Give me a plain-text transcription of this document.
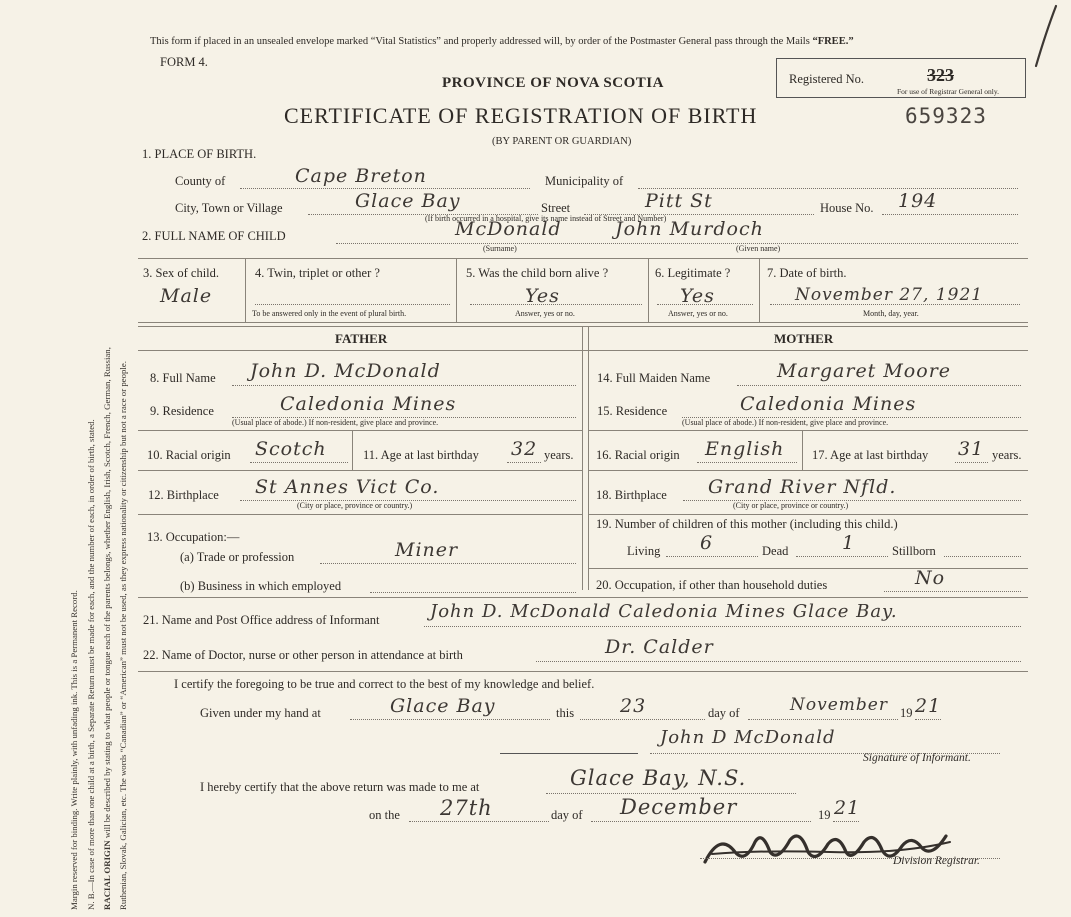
Margin reserved for binding. Write plainly, with unfading ink. This is a Permanent Record. N. B.—In case of more than one child at a birth, a Separate Return must be made for each, and the number of each, in order of birth, stated. RACIAL ORIGIN will be described by stating to what people or tongue each of the parents belongs, whether English, Irish, Scotch, French, German, Russian, Ruthenian, Slovak, Galician, etc. The words “Canadian” or “American” must not be used, as they express nationality or citizenship but not a race or people.
This form if placed in an unsealed envelope marked “Vital Statistics” and properly addressed will, by order of the Postmaster General pass through the Mails “FREE.”
FORM 4.
PROVINCE OF NOVA SCOTIA	Registered No.	323
For use of Registrar General only.
CERTIFICATE OF REGISTRATION OF BIRTH	659323
(BY PARENT OR GUARDIAN)
1. PLACE OF BIRTH.
County of	Cape Breton	Municipality of
City, Town or Village	Glace Bay	Street	Pitt St	House No. 194
(If birth occurred in a hospital, give its name instead of Street and Number)
2. FULL NAME OF CHILD	McDonald	John Murdoch
(Surname)	(Given name)
3. Sex of child.
Male
4. Twin, triplet or other ?
To be answered only in the event of plural birth.
5. Was the child born alive ?
Yes
Answer, yes or no.
6. Legitimate ?
Yes
Answer, yes or no.
7. Date of birth.
November 27, 1921
Month, day, year.
FATHER	MOTHER
8. Full Name John D. McDonald
9. Residence	Caledonia Mines
(Usual place of abode.) If non-resident, give place and province.
10. Racial origin Scotch	11. Age at last birthday 32 years.
12. Birthplace St Annes Vict Co.
(City or place, province or country.)
13. Occupation:—
(a) Trade or profession	Miner
(b) Business in which employed
14. Full Maiden Name	Margaret Moore
15. Residence	Caledonia Mines
(Usual place of abode.) If non-resident, give place and province.
16. Racial origin English 17. Age at last birthday 31 years.
18. Birthplace Grand River Nfld.
(City or place, province or country.)
19. Number of children of this mother (including this child.)
Living 6	Dead	1	Stillborn
20. Occupation, if other than household duties	No
21. Name and Post Office address of Informant	John D. McDonald Caledonia Mines Glace Bay.
22. Name of Doctor, nurse or other person in attendance at birth	Dr. Calder
I certify the foregoing to be true and correct to the best of my knowledge and belief.
Given under my hand at	Glace Bay	this 23	day of	November 19 21
John D McDonald
Signature of Informant.
I hereby certify that the above return was made to me at	Glace Bay, N.S.
on the 27th	day of December	19 21
Division Registrar.
